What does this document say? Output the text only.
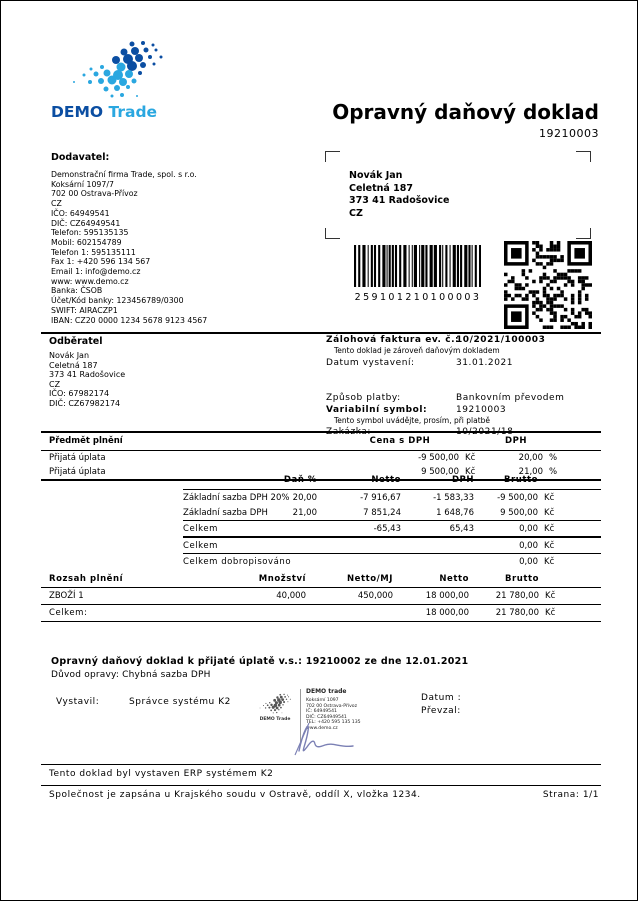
DEMO Trade	Opravný daňový doklad
19210003
Dodavatel:
Demonstrační firma Trade, spol. s r.o.
Koksární 1097/7
702 00 Ostrava-Přívoz
CZ
IČO: 64949541
DIČ: CZ64949541
Telefon: 595135135
Mobil: 602154789
Telefon 1: 595135111
Fax 1: +420 596 134 567
Email 1: info@demo.cz
www: www.demo.cz
Banka: ČSOB
Účet/Kód banky: 123456789/0300
SWIFT: AIRACZP1
IBAN: CZ20 0000 1234 5678 9123 4567
Novák Jan
Celetná 187
373 41 Radošovice
CZ
259101210100003
Odběratel
Novák Jan
Celetná 187
373 41 Radošovice
CZ
IČO: 67982174
DIČ: CZ67982174
Zálohová faktura ev. č.:
10/2021/100003
Tento doklad je zároveň daňovým dokladem
Datum vystavení:	31.01.2021
Způsob platby:	Bankovním převodem
Variabilní symbol:	19210003
Tento symbol uvádějte, prosím, při platbě
Zakázka:	10/2021/18
Předmět plnění	Cena s DPH		DPH	
Přijatá úplata	-9 500,00	Kč	20,00	%
Přijatá úplata	9 500,00	Kč	21,00	%

	Daň %	Netto	DPH	Brutto	
Základní sazba DPH 20%	20,00	-7 916,67	-1 583,33	-9 500,00	Kč
Základní sazba DPH	21,00	7 851,24	1 648,76	9 500,00	Kč
Celkem		-65,43	65,43	0,00	Kč
Celkem				0,00	Kč
Celkem dobropisováno				0,00	Kč
Rozsah plnění	Množství	Netto/MJ	Netto	Brutto	
ZBOŽÍ 1	40,000	450,000	18 000,00	21 780,00	Kč
Celkem:			18 000,00	21 780,00	Kč
Opravný daňový doklad k přijaté úplatě v.s.: 19210002 ze dne 12.01.2021
Důvod opravy: Chybná sazba DPH
Vystavil:	Správce systému K2
DEMO Trade
DEMO trade
Koksární 1097
702 00 Ostrava-Přívoz
IČ: 64949541
DIČ: CZ64949541
TEL: +420 595 135 135
www.demo.cz
Datum :
Převzal:
Tento doklad byl vystaven ERP systémem K2
Společnost je zapsána u Krajského soudu v Ostravě, oddíl X, vložka 1234.	Strana: 1/1
